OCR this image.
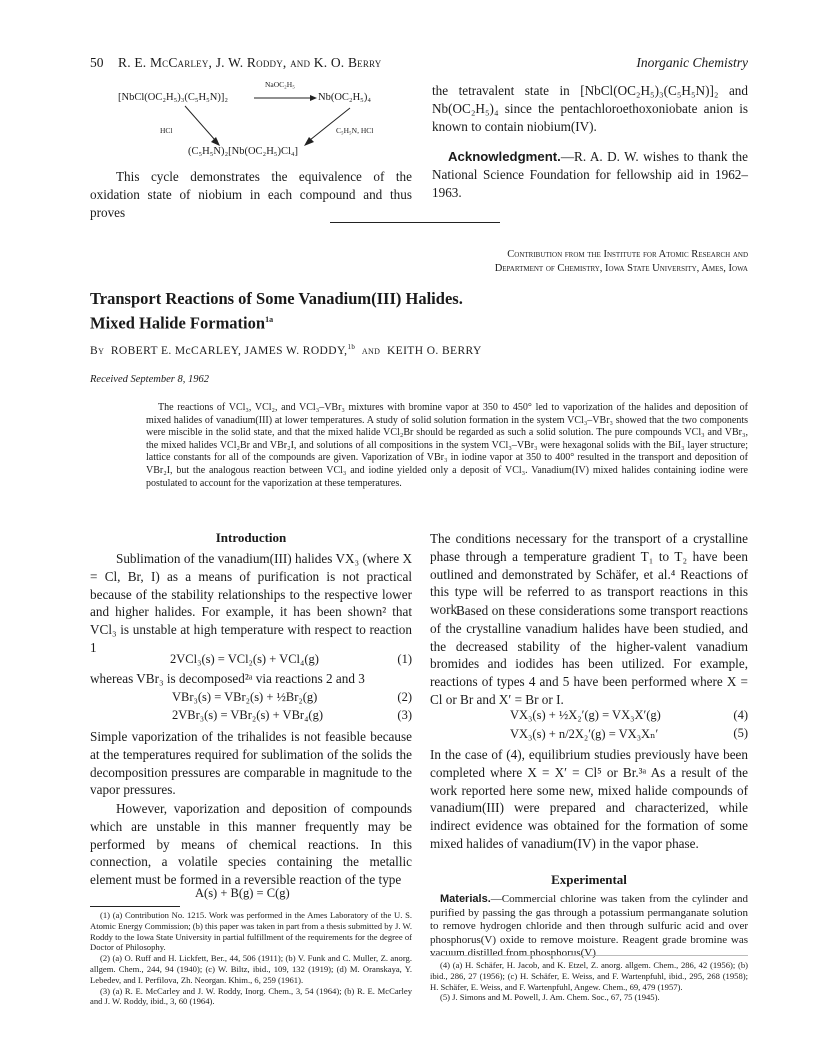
50 R. E. McCarley, J. W. Roddy, and K. O. Berry	Inorganic Chemistry
[NbCl(OC₂H₅)₃(C₅H₅N)]₂
NaOC₂H₅
Nb(OC₂H₅)₄
HCl	C₅H₅N, HCl
(C₅H₅N)₂[Nb(OC₂H₅)Cl₄]

This cycle demonstrates the equivalence of the oxidation state of niobium in each compound and thus proves

the tetravalent state in [NbCl(OC₂H₅)₃(C₅H₅N)]₂ and Nb(OC₂H₅)₄ since the pentachloroethoxoniobate anion is known to contain niobium(IV).

Acknowledgment.—R. A. D. W. wishes to thank the National Science Foundation for fellowship aid in 1962–1963.
Contribution from the Institute for Atomic Research and
Department of Chemistry, Iowa State University, Ames, Iowa
Transport Reactions of Some Vanadium(III) Halides.
Mixed Halide Formation$^{1a}$
By ROBERT E. McCARLEY, JAMES W. RODDY,$^{1b}$ and KEITH O. BERRY
Received September 8, 1962

The reactions of VCl₃, VCl₂, and VCl₃–VBr₃ mixtures with bromine vapor at 350 to 450° led to vaporization of the halides and deposition of mixed halides of vanadium(III) at lower temperatures. A study of solid solution formation in the system VCl₃–VBr₃ showed that the two components were miscible in the solid state, and that the mixed halide VCl₂Br should be regarded as such a solid solution. The pure compounds VCl₃ and VBr₃, the mixed halides VCl₂Br and VBr₂I, and solutions of all compositions in the system VCl₃–VBr₃ were hexagonal solids with the BiI₃ layer structure; lattice constants for all of the compounds are given. Vaporization of VBr₃ in iodine vapor at 350 to 400° resulted in the transport and deposition of VBr₂I, but the analogous reaction between VCl₃ and iodine yielded only a deposit of VCl₃. Vanadium(IV) mixed halides containing iodine were postulated to account for the vaporization at these temperatures.

Introduction

Sublimation of the vanadium(III) halides VX₃ (where X = Cl, Br, I) as a means of purification is not practical because of the stability relationships to the respective lower and higher halides. For example, it has been shown² that VCl₃ is unstable at high temperature with respect to reaction 1

2VCl₃(s) = VCl₂(s) + VCl₄(g)	(1)

whereas VBr₃ is decomposed²ᵃ via reactions 2 and 3

VBr₃(s) = VBr₂(s) + ½Br₂(g)	(2)
2VBr₃(s) = VBr₂(s) + VBr₄(g)	(3)

Simple vaporization of the trihalides is not feasible because at the temperatures required for sublimation of the solids the decomposition pressures are comparable in magnitude to the vapor pressures.

However, vaporization and deposition of compounds which are unstable in this manner frequently may be performed by means of chemical reactions. In this connection, a volatile species containing the metallic element must be formed in a reversible reaction of the type

A(s) + B(g) = C(g)

(1) (a) Contribution No. 1215. Work was performed in the Ames Laboratory of the U. S. Atomic Energy Commission; (b) this paper was taken in part from a thesis submitted by J. W. Roddy to the Iowa State University in partial fulfillment of the requirements for the degree of Doctor of Philosophy.

(2) (a) O. Ruff and H. Lickfett, Ber., 44, 506 (1911); (b) V. Funk and C. Muller, Z. anorg. allgem. Chem., 244, 94 (1940); (c) W. Biltz, ibid., 109, 132 (1919); (d) M. Oranskaya, Y. Lebedev, and I. Perfilova, Zh. Neorgan. Khim., 6, 259 (1961).

(3) (a) R. E. McCarley and J. W. Roddy, Inorg. Chem., 3, 54 (1964); (b) R. E. McCarley and J. W. Roddy, ibid., 3, 60 (1964).

The conditions necessary for the transport of a crystalline phase through a temperature gradient T₁ to T₂ have been outlined and demonstrated by Schäfer, et al.⁴ Reactions of this type will be referred to as transport reactions in this work.

Based on these considerations some transport reactions of the crystalline vanadium halides have been studied, and the decreased stability of the higher-valent vanadium bromides and iodides has been utilized. For example, reactions of types 4 and 5 have been performed where X = Cl or Br and X′ = Br or I.

VX₃(s) + ½X₂′(g) = VX₃X′(g)	(4)
VX₃(s) + n/2X₂′(g) = VX₃Xₙ′	(5)

In the case of (4), equilibrium studies previously have been completed where X = X′ = Cl⁵ or Br.³ᵃ As a result of the work reported here some new, mixed halide compounds of vanadium(III) were prepared and characterized, while indirect evidence was obtained for the formation of some mixed halides of vanadium(IV) in the vapor phase.

Experimental
Materials.—Commercial chlorine was taken from the cylinder and purified by passing the gas through a potassium permanganate solution to remove hydrogen chloride and then through sulfuric acid and over phosphorus(V) oxide to remove moisture. Reagent grade bromine was vacuum distilled from phosphorus(V)

(4) (a) H. Schäfer, H. Jacob, and K. Etzel, Z. anorg. allgem. Chem., 286, 42 (1956); (b) ibid., 286, 27 (1956); (c) H. Schäfer, E. Weiss, and F. Wartenpfuhl, ibid., 295, 268 (1958); H. Schäfer, E. Weiss, and F. Wartenpfuhl, Angew. Chem., 69, 479 (1957).

(5) J. Simons and M. Powell, J. Am. Chem. Soc., 67, 75 (1945).
